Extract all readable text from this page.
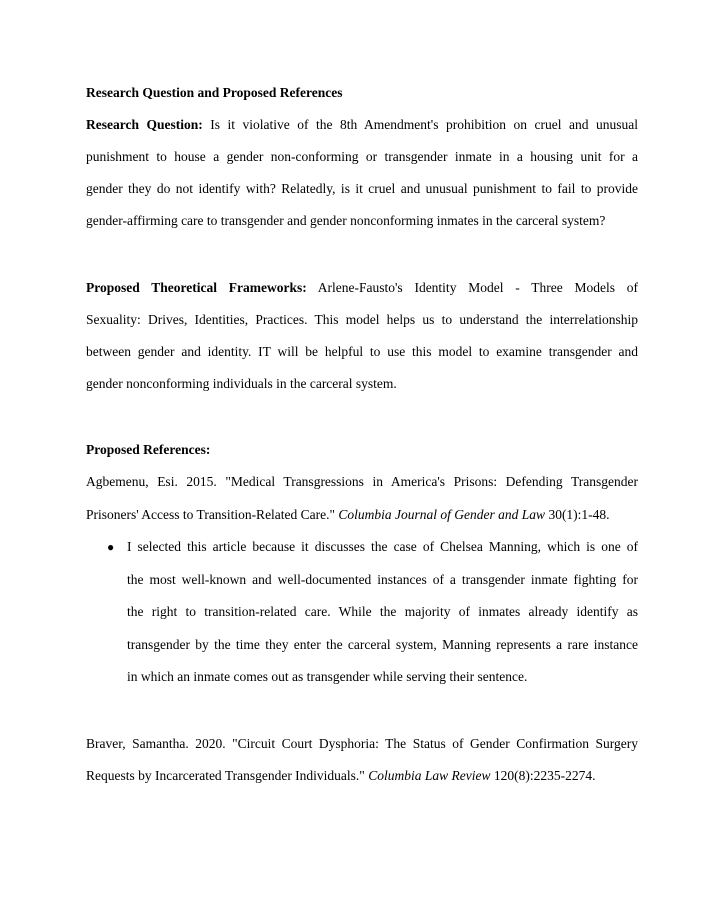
Research Question and Proposed References
Research Question: Is it violative of the 8th Amendment's prohibition on cruel and unusual
punishment to house a gender non-conforming or transgender inmate in a housing unit for a
gender they do not identify with? Relatedly, is it cruel and unusual punishment to fail to provide
gender-affirming care to transgender and gender nonconforming inmates in the carceral system?
Proposed Theoretical Frameworks: Arlene-Fausto's Identity Model - Three Models of
Sexuality: Drives, Identities, Practices. This model helps us to understand the interrelationship
between gender and identity. IT will be helpful to use this model to examine transgender and
gender nonconforming individuals in the carceral system.
Proposed References:
Agbemenu, Esi. 2015. "Medical Transgressions in America's Prisons: Defending Transgender
Prisoners' Access to Transition-Related Care." Columbia Journal of Gender and Law 30(1):1-48.
● I selected this article because it discusses the case of Chelsea Manning, which is one of
the most well-known and well-documented instances of a transgender inmate fighting for
the right to transition-related care. While the majority of inmates already identify as
transgender by the time they enter the carceral system, Manning represents a rare instance
in which an inmate comes out as transgender while serving their sentence.
Braver, Samantha. 2020. "Circuit Court Dysphoria: The Status of Gender Confirmation Surgery
Requests by Incarcerated Transgender Individuals." Columbia Law Review 120(8):2235-2274.
